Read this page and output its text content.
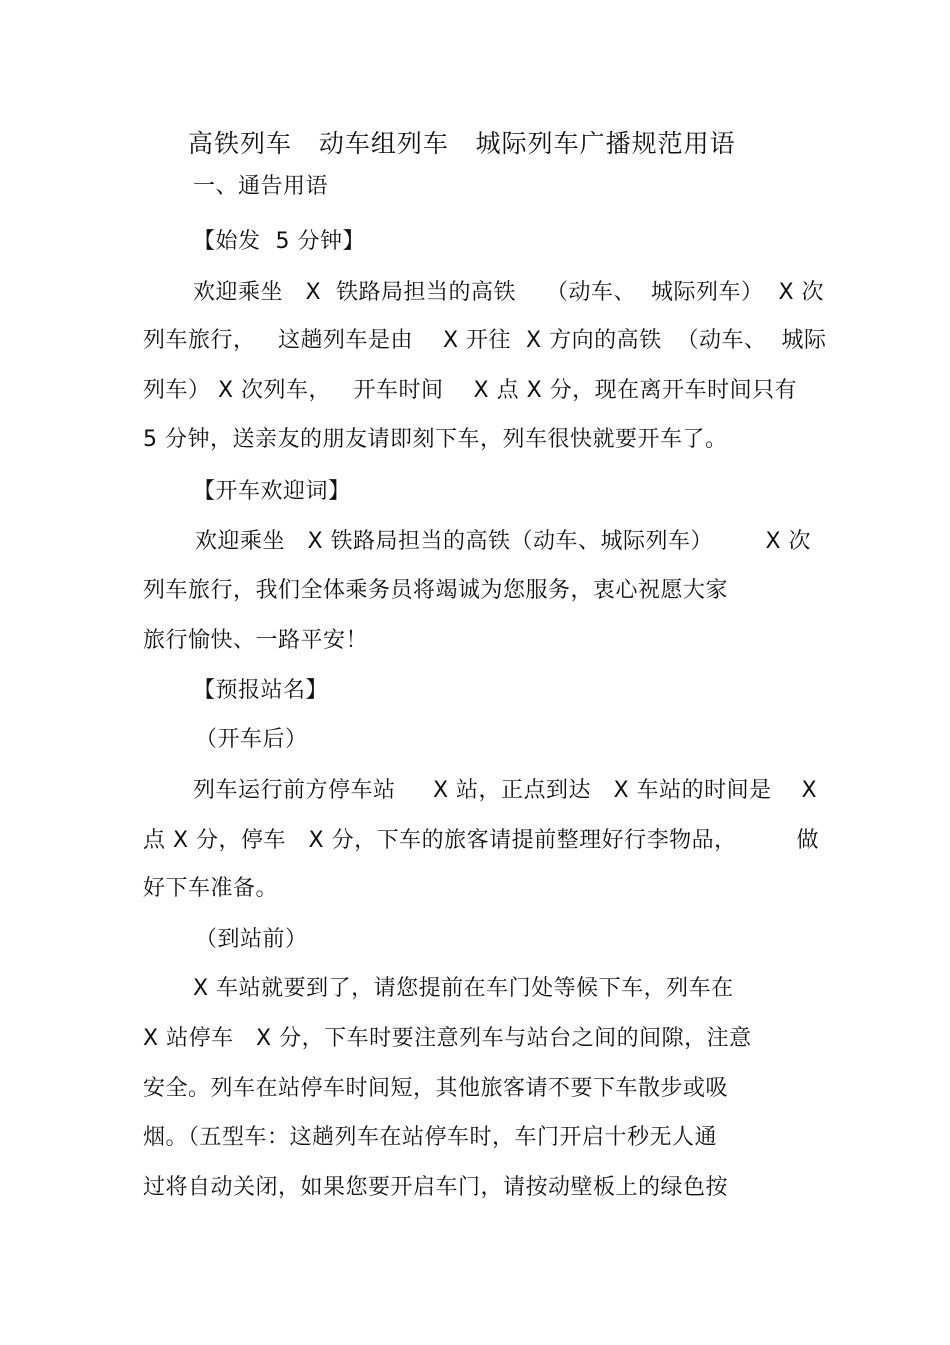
高铁列车   动车组列车   城际列车广播规范用语
一、通告用语
【始发  5 分钟】
欢迎乘坐   X  铁路局担当的高铁    （动车、  城际列车）  X 次
列车旅行，   这趟列车是由    X 开往  X 方向的高铁  （动车、  城际
列车） X 次列车，   开车时间    X 点 X 分，现在离开车时间只有
5 分钟，送亲友的朋友请即刻下车，列车很快就要开车了。
【开车欢迎词】
欢迎乘坐   X 铁路局担当的高铁（动车、城际列车）       X 次
列车旅行，我们全体乘务员将竭诚为您服务，衷心祝愿大家
旅行愉快、一路平安！
【预报站名】
（开车后）
列车运行前方停车站     X 站，正点到达   X 车站的时间是    X
点 X 分，停车   X 分，下车的旅客请提前整理好行李物品，        做
好下车准备。
（到站前）
X 车站就要到了，请您提前在车门处等候下车，列车在
X 站停车   X 分，下车时要注意列车与站台之间的间隙，注意
安全。列车在站停车时间短，其他旅客请不要下车散步或吸
烟。（五型车：这趟列车在站停车时，车门开启十秒无人通
过将自动关闭，如果您要开启车门，请按动壁板上的绿色按
